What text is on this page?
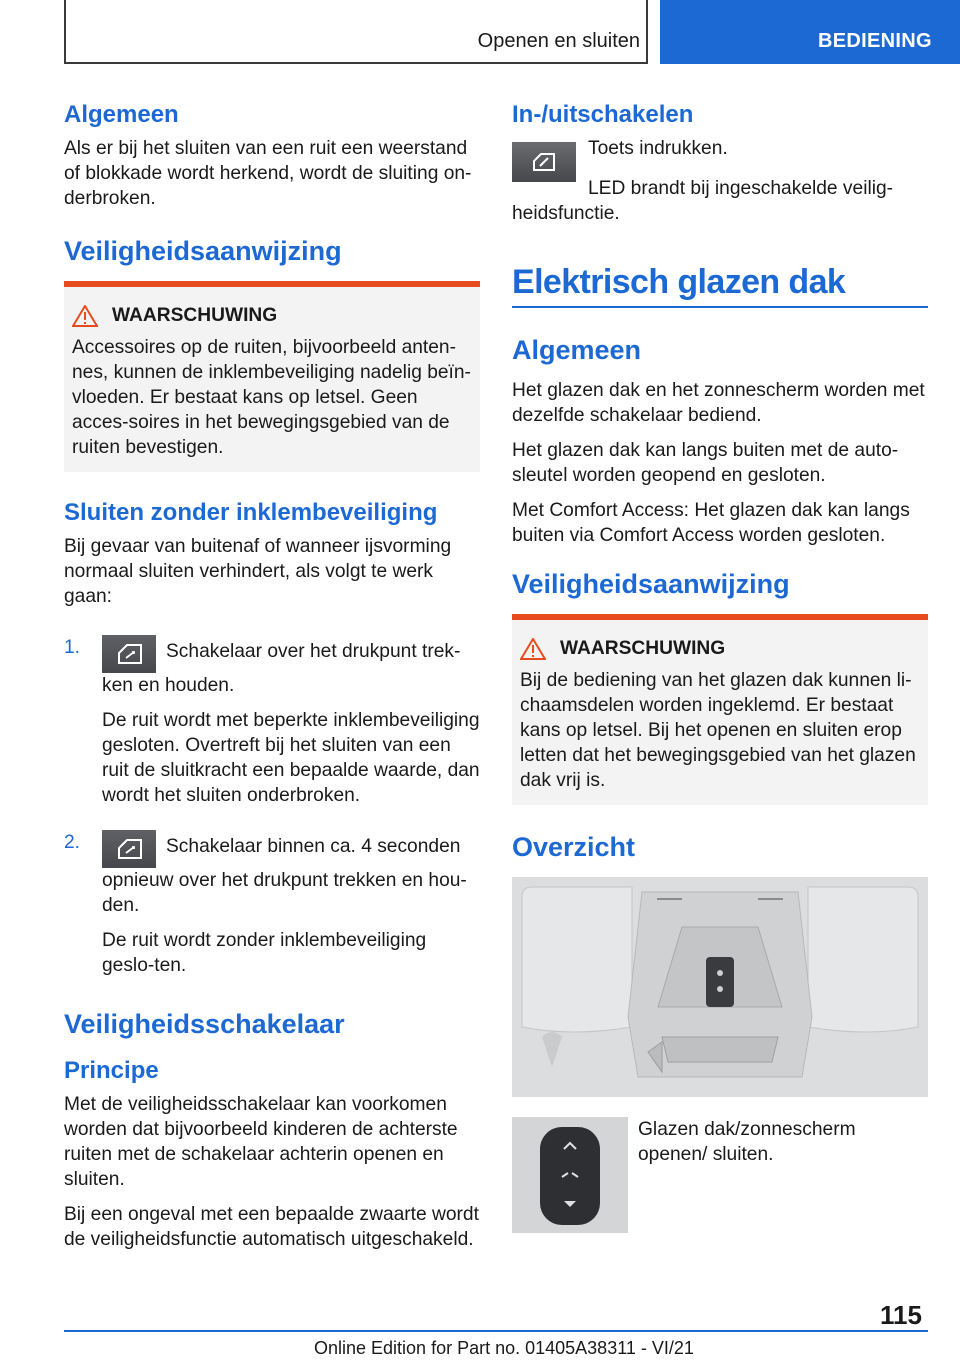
Openen en sluiten	BEDIENING
Algemeen

Als er bij het sluiten van een ruit een weerstand of blokkade wordt herkend, wordt de sluiting on-derbroken.

Veiligheidsaanwijzing
WAARSCHUWING

Accessoires op de ruiten, bijvoorbeeld anten-nes, kunnen de inklembeveiliging nadelig beïn-vloeden. Er bestaat kans op letsel. Geen acces-soires in het bewegingsgebied van de ruiten bevestigen.

Sluiten zonder inklembeveiliging

Bij gevaar van buitenaf of wanneer ijsvorming normaal sluiten verhindert, als volgt te werk gaan:

1.	Schakelaar over het drukpunt trek-ken en houden.

De ruit wordt met beperkte inklembeveiliging gesloten. Overtreft bij het sluiten van een ruit de sluitkracht een bepaalde waarde, dan wordt het sluiten onderbroken.

2.	Schakelaar binnen ca. 4 seconden opnieuw over het drukpunt trekken en hou-den.

De ruit wordt zonder inklembeveiliging geslo-ten.

Veiligheidsschakelaar
Principe

Met de veiligheidsschakelaar kan voorkomen worden dat bijvoorbeeld kinderen de achterste ruiten met de schakelaar achterin openen en sluiten.

Bij een ongeval met een bepaalde zwaarte wordt de veiligheidsfunctie automatisch uitgeschakeld.

In-/uitschakelen

Toets indrukken.

LED brandt bij ingeschakelde veilig-heidsfunctie.

Elektrisch glazen dak
Algemeen

Het glazen dak en het zonnescherm worden met dezelfde schakelaar bediend.

Het glazen dak kan langs buiten met de auto-sleutel worden geopend en gesloten.

Met Comfort Access: Het glazen dak kan langs buiten via Comfort Access worden gesloten.

Veiligheidsaanwijzing
WAARSCHUWING

Bij de bediening van het glazen dak kunnen li-chaamsdelen worden ingeklemd. Er bestaat kans op letsel. Bij het openen en sluiten erop letten dat het bewegingsgebied van het glazen dak vrij is.

Overzicht

Glazen dak/zonnescherm openen/ sluiten.

115
Online Edition for Part no. 01405A38311 - VI/21
